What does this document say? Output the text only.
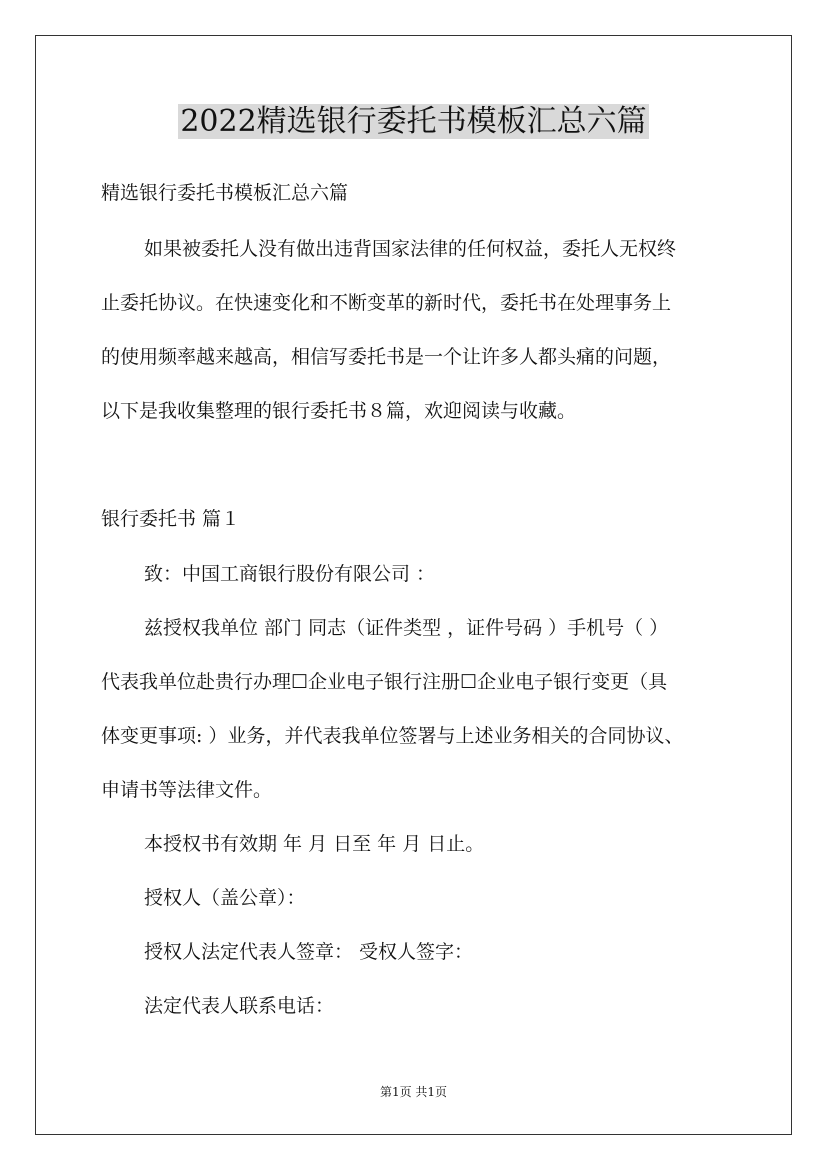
2022精选银行委托书模板汇总六篇
精选银行委托书模板汇总六篇
如果被委托人没有做出违背国家法律的任何权益，委托人无权终
止委托协议。在快速变化和不断变革的新时代，委托书在处理事务上
的使用频率越来越高，相信写委托书是一个让许多人都头痛的问题，
以下是我收集整理的银行委托书８篇，欢迎阅读与收藏。
银行委托书 篇１
致：中国工商银行股份有限公司 ：
兹授权我单位 部门 同志（证件类型 ，证件号码 ）手机号（ ）
代表我单位赴贵行办理☐企业电子银行注册☐企业电子银行变更（具
体变更事项: ）业务，并代表我单位签署与上述业务相关的合同协议、
申请书等法律文件。
本授权书有效期 年 月 日至 年 月 日止。
授权人（盖公章）：
授权人法定代表人签章： 受权人签字：
法定代表人联系电话：
第1页 共1页
